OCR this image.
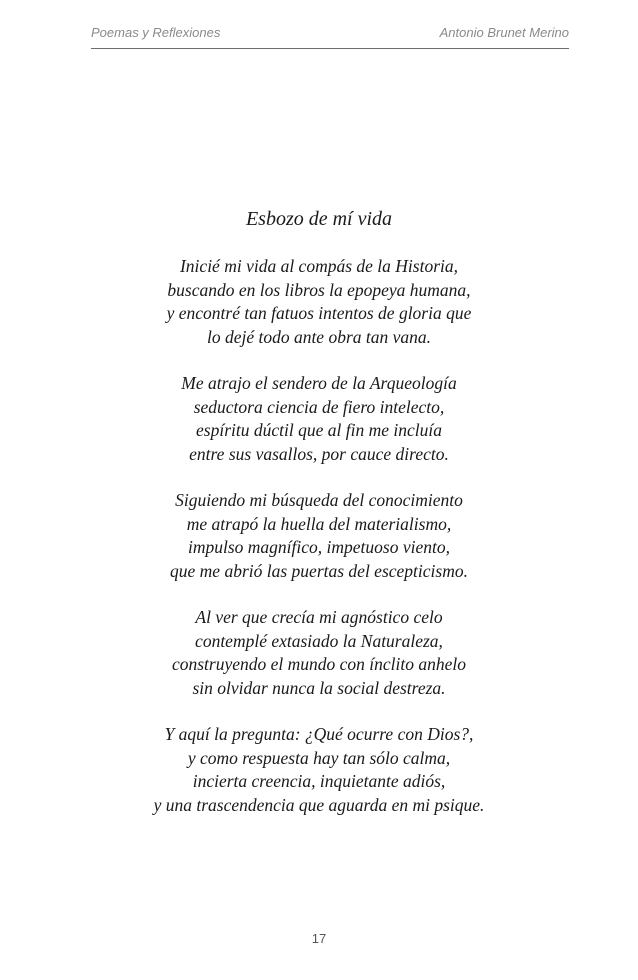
Poemas y Reflexiones	Antonio Brunet Merino
Esbozo de mí vida
Inicié mi vida al compás de la Historia,
buscando en los libros la epopeya humana,
y encontré tan fatuos intentos de gloria que
lo dejé todo ante obra tan vana.
Me atrajo el sendero de la Arqueología
seductora ciencia de fiero intelecto,
espíritu dúctil que al fin me incluía
entre sus vasallos, por cauce directo.
Siguiendo mi búsqueda del conocimiento
me atrapó la huella del materialismo,
impulso magnífico, impetuoso viento,
que me abrió las puertas del escepticismo.
Al ver que crecía mi agnóstico celo
contemplé extasiado la Naturaleza,
construyendo el mundo con ínclito anhelo
sin olvidar nunca la social destreza.
Y aquí la pregunta: ¿Qué ocurre con Dios?,
y como respuesta hay tan sólo calma,
incierta creencia, inquietante adiós,
y una trascendencia que aguarda en mi psique.
17
